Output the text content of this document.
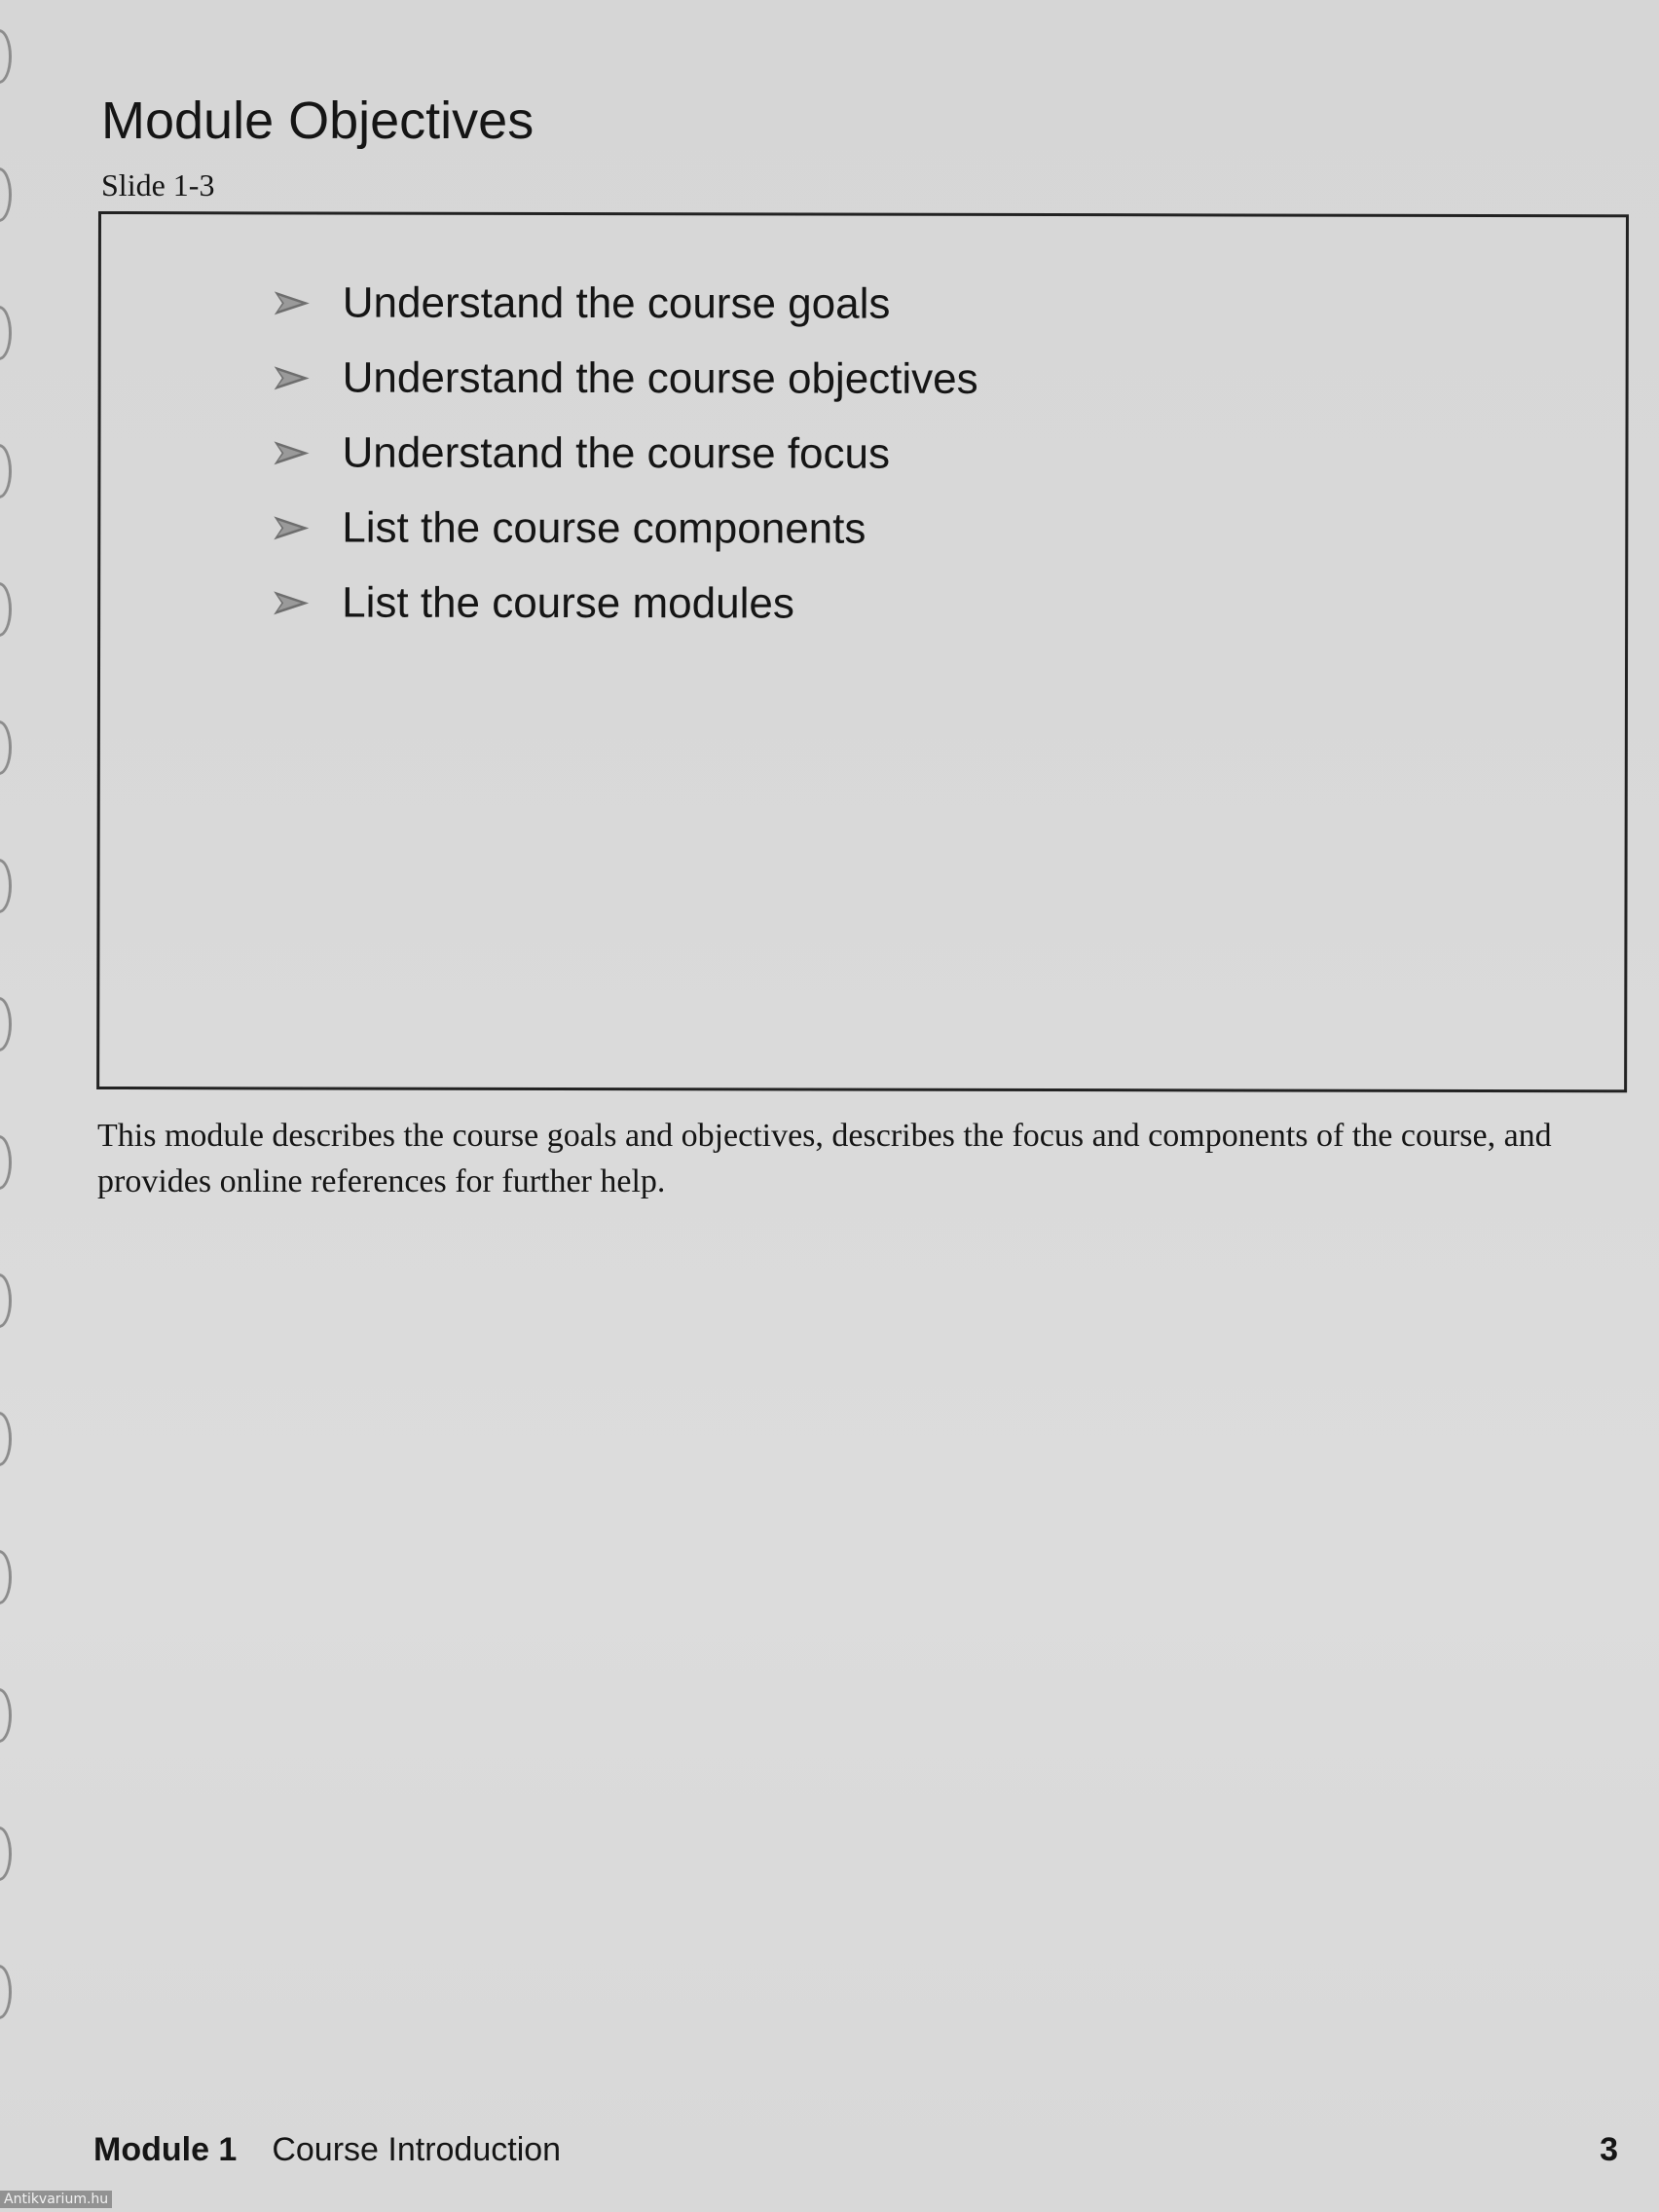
Module Objectives
Slide 1-3
Understand the course goals
Understand the course objectives
Understand the course focus
List the course components
List the course modules

This module describes the course goals and objectives, describes the focus and components of the course, and provides online references for further help.

Module 1 Course Introduction	3
Antikvarium.hu
